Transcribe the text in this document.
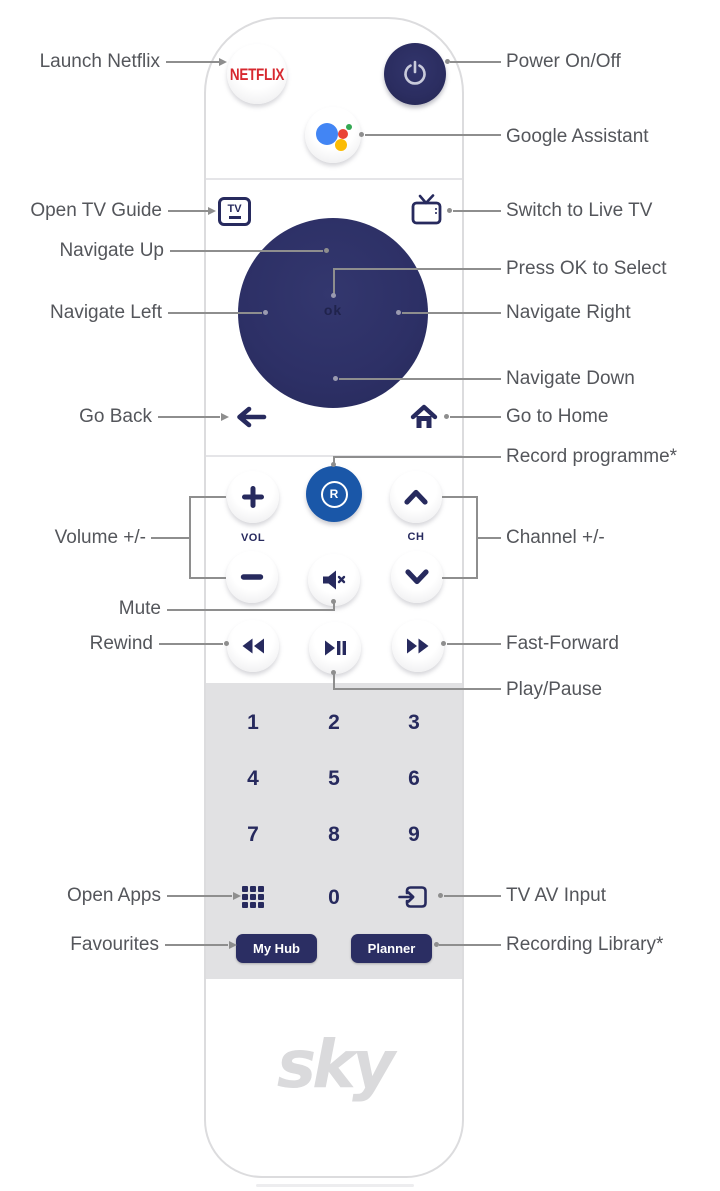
NETFLIX
TV
ok
R
VOL	CH
1	2	3
4	5	6
7	8	9
0
My Hub	Planner
sky
Launch Netflix
Open TV Guide
Navigate Up
Navigate Left
Go Back
Volume +/-
Mute
Rewind
Open Apps
Favourites
Power On/Off
Google Assistant
Switch to Live TV
Press OK to Select
Navigate Right
Navigate Down
Go to Home
Record programme*
Channel +/-
Fast-Forward
Play/Pause
TV AV Input
Recording Library*
